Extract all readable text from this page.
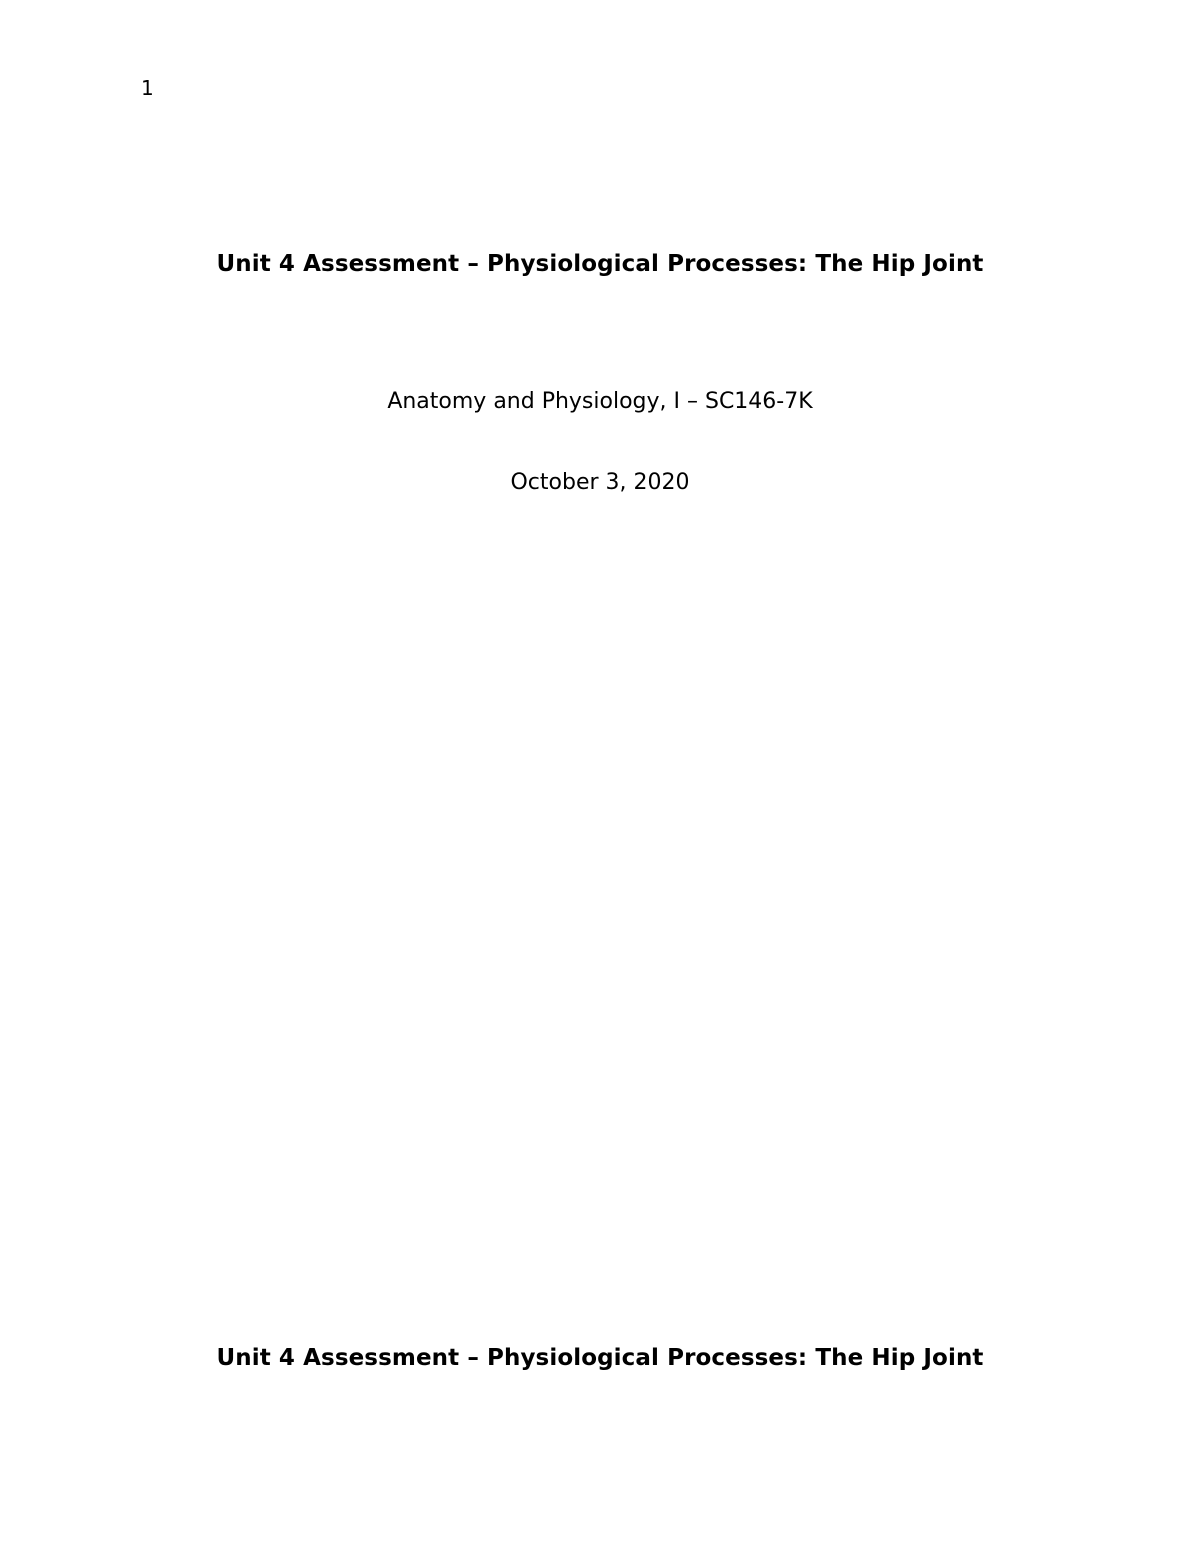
1
Unit 4 Assessment – Physiological Processes: The Hip Joint
Anatomy and Physiology, I – SC146-7K
October 3, 2020
Unit 4 Assessment – Physiological Processes: The Hip Joint
